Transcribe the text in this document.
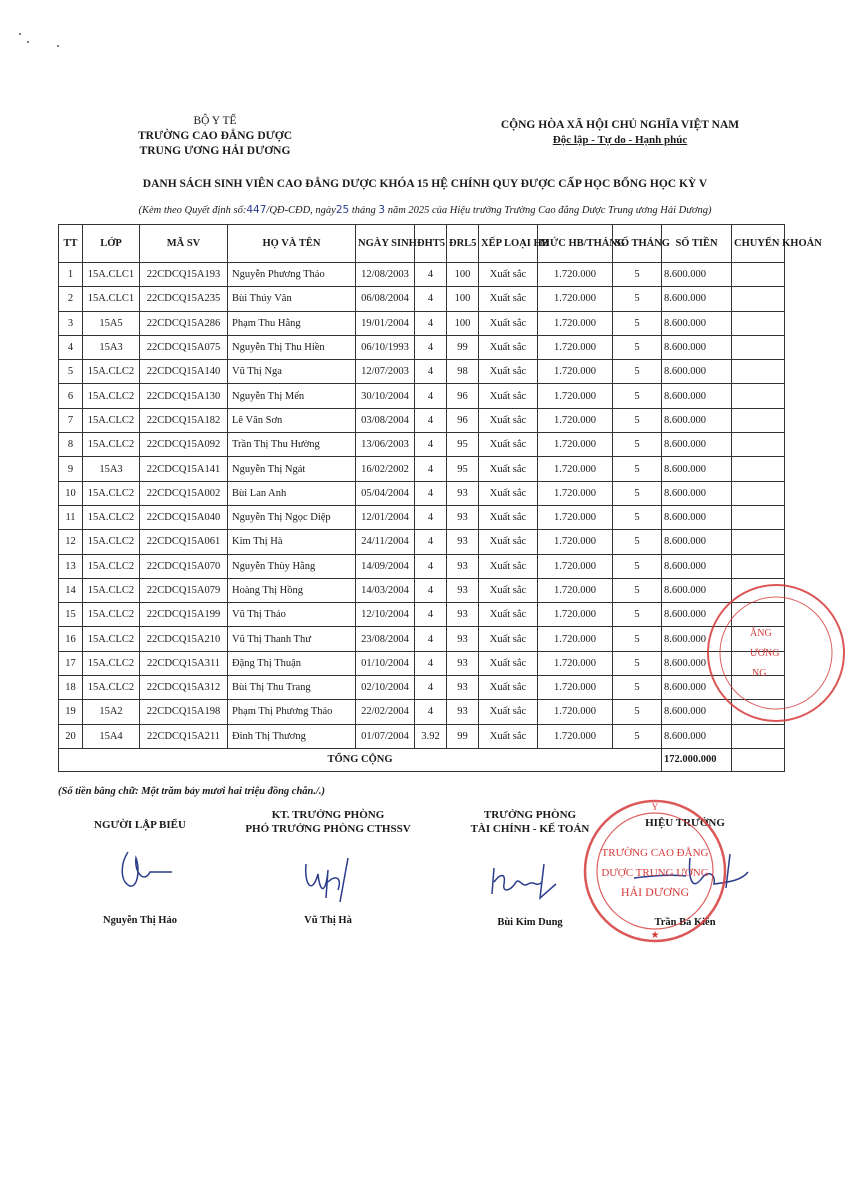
BỘ Y TẾ
TRƯỜNG CAO ĐẲNG DƯỢC
TRUNG ƯƠNG HẢI DƯƠNG
CỘNG HÒA XÃ HỘI CHỦ NGHĨA VIỆT NAM
Độc lập - Tự do - Hạnh phúc
DANH SÁCH SINH VIÊN CAO ĐẲNG DƯỢC KHÓA 15 HỆ CHÍNH QUY ĐƯỢC CẤP HỌC BỔNG HỌC KỲ V
(Kèm theo Quyết định số:447/QĐ-CĐD, ngày25 tháng 3 năm 2025 của Hiệu trưởng Trường Cao đẳng Dược Trung ương Hải Dương)
TT	LỚP	MÃ SV	HỌ VÀ TÊN	NGÀY SINH	ĐHT5	ĐRL5	XẾP LOẠI HB	MỨC HB/THÁNG	SỐ THÁNG	SỐ TIỀN	CHUYỂN KHOẢN
1	15A.CLC1	22CDCQ15A193	Nguyễn Phương Thảo	12/08/2003	4	100	Xuất sắc	1.720.000	5	8.600.000	
2	15A.CLC1	22CDCQ15A235	Bùi Thúy Vân	06/08/2004	4	100	Xuất sắc	1.720.000	5	8.600.000	
3	15A5	22CDCQ15A286	Phạm Thu Hằng	19/01/2004	4	100	Xuất sắc	1.720.000	5	8.600.000	
4	15A3	22CDCQ15A075	Nguyễn Thị Thu Hiền	06/10/1993	4	99	Xuất sắc	1.720.000	5	8.600.000	
5	15A.CLC2	22CDCQ15A140	Vũ Thị Nga	12/07/2003	4	98	Xuất sắc	1.720.000	5	8.600.000	
6	15A.CLC2	22CDCQ15A130	Nguyễn Thị Mến	30/10/2004	4	96	Xuất sắc	1.720.000	5	8.600.000	
7	15A.CLC2	22CDCQ15A182	Lê Văn Sơn	03/08/2004	4	96	Xuất sắc	1.720.000	5	8.600.000	
8	15A.CLC2	22CDCQ15A092	Trần Thị Thu Hường	13/06/2003	4	95	Xuất sắc	1.720.000	5	8.600.000	
9	15A3	22CDCQ15A141	Nguyễn Thị Ngát	16/02/2002	4	95	Xuất sắc	1.720.000	5	8.600.000	
10	15A.CLC2	22CDCQ15A002	Bùi Lan Anh	05/04/2004	4	93	Xuất sắc	1.720.000	5	8.600.000	
11	15A.CLC2	22CDCQ15A040	Nguyễn Thị Ngọc Diệp	12/01/2004	4	93	Xuất sắc	1.720.000	5	8.600.000	
12	15A.CLC2	22CDCQ15A061	Kim Thị Hà	24/11/2004	4	93	Xuất sắc	1.720.000	5	8.600.000	
13	15A.CLC2	22CDCQ15A070	Nguyễn Thùy Hằng	14/09/2004	4	93	Xuất sắc	1.720.000	5	8.600.000	
14	15A.CLC2	22CDCQ15A079	Hoàng Thị Hồng	14/03/2004	4	93	Xuất sắc	1.720.000	5	8.600.000	
15	15A.CLC2	22CDCQ15A199	Vũ Thị Thảo	12/10/2004	4	93	Xuất sắc	1.720.000	5	8.600.000	
16	15A.CLC2	22CDCQ15A210	Vũ Thị Thanh Thư	23/08/2004	4	93	Xuất sắc	1.720.000	5	8.600.000	
17	15A.CLC2	22CDCQ15A311	Đặng Thị Thuận	01/10/2004	4	93	Xuất sắc	1.720.000	5	8.600.000	
18	15A.CLC2	22CDCQ15A312	Bùi Thị Thu Trang	02/10/2004	4	93	Xuất sắc	1.720.000	5	8.600.000	
19	15A2	22CDCQ15A198	Phạm Thị Phương Thảo	22/02/2004	4	93	Xuất sắc	1.720.000	5	8.600.000	
20	15A4	22CDCQ15A211	Đinh Thị Thương	01/07/2004	3.92	99	Xuất sắc	1.720.000	5	8.600.000	
TỔNG CỘNG										172.000.000	
(Số tiền bằng chữ: Một trăm bảy mươi hai triệu đồng chẵn./.)
NGƯỜI LẬP BIỂU
Nguyễn Thị Hảo
KT. TRƯỞNG PHÒNG
PHÓ TRƯỞNG PHÒNG CTHSSV
Vũ Thị Hà
TRƯỞNG PHÒNG
TÀI CHÍNH - KẾ TOÁN
Bùi Kim Dung
HIỆU TRƯỞNG
Trần Bá Kiên
TRƯỜNG CAO ĐẲNG
DƯỢC TRUNG ƯƠNG
HẢI DƯƠNG
Y
★
ẲNG
ƯƠNG
NG
